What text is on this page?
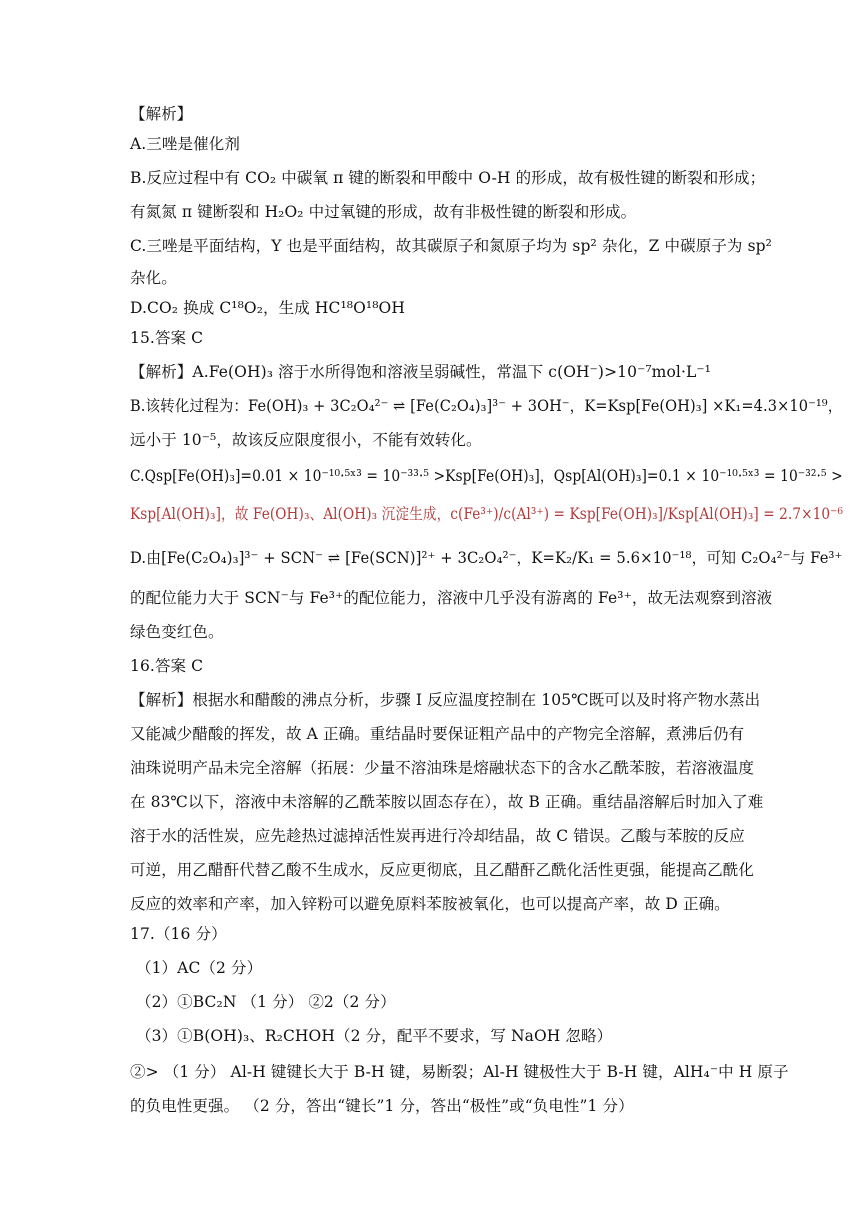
【解析】
A.三唑是催化剂
B.反应过程中有 CO₂ 中碳氧 π 键的断裂和甲酸中 O-H 的形成，故有极性键的断裂和形成；
有氮氮 π 键断裂和 H₂O₂ 中过氧键的形成，故有非极性键的断裂和形成。
C.三唑是平面结构，Y 也是平面结构，故其碳原子和氮原子均为 sp² 杂化，Z 中碳原子为 sp²
杂化。
D.CO₂ 换成 C¹⁸O₂，生成 HC¹⁸O¹⁸OH
15.答案 C
【解析】A.Fe(OH)₃ 溶于水所得饱和溶液呈弱碱性，常温下 c(OH⁻)>10⁻⁷mol·L⁻¹
B.该转化过程为：Fe(OH)₃ + 3C₂O₄²⁻ ⇌ [Fe(C₂O₄)₃]³⁻ + 3OH⁻，K=Ksp[Fe(OH)₃] ×K₁=4.3×10⁻¹⁹，
远小于 10⁻⁵，故该反应限度很小，不能有效转化。
C.Qsp[Fe(OH)₃]=0.01 × 10⁻¹⁰·⁵ˣ³ = 10⁻³³·⁵ >Ksp[Fe(OH)₃]，Qsp[Al(OH)₃]=0.1 × 10⁻¹⁰·⁵ˣ³ = 10⁻³²·⁵ >
Ksp[Al(OH)₃]，故 Fe(OH)₃、Al(OH)₃ 沉淀生成，c(Fe³⁺)/c(Al³⁺) = Ksp[Fe(OH)₃]/Ksp[Al(OH)₃] = 2.7×10⁻⁶
D.由[Fe(C₂O₄)₃]³⁻ + SCN⁻ ⇌ [Fe(SCN)]²⁺ + 3C₂O₄²⁻，K=K₂/K₁ = 5.6×10⁻¹⁸，可知 C₂O₄²⁻与 Fe³⁺
的配位能力大于 SCN⁻与 Fe³⁺的配位能力，溶液中几乎没有游离的 Fe³⁺，故无法观察到溶液
绿色变红色。
16.答案 C
【解析】根据水和醋酸的沸点分析，步骤 I 反应温度控制在 105℃既可以及时将产物水蒸出
又能减少醋酸的挥发，故 A 正确。重结晶时要保证粗产品中的产物完全溶解，煮沸后仍有
油珠说明产品未完全溶解（拓展：少量不溶油珠是熔融状态下的含水乙酰苯胺，若溶液温度
在 83℃以下，溶液中未溶解的乙酰苯胺以固态存在），故 B 正确。重结晶溶解后时加入了难
溶于水的活性炭，应先趁热过滤掉活性炭再进行冷却结晶，故 C 错误。乙酸与苯胺的反应
可逆，用乙醋酐代替乙酸不生成水，反应更彻底，且乙醋酐乙酰化活性更强，能提高乙酰化
反应的效率和产率，加入锌粉可以避免原料苯胺被氧化，也可以提高产率，故 D 正确。
17.（16 分）
（1）AC（2 分）
（2）①BC₂N （1 分） ②2（2 分）
（3）①B(OH)₃、R₂CHOH（2 分，配平不要求，写 NaOH 忽略）
②> （1 分） Al-H 键键长大于 B-H 键，易断裂；Al-H 键极性大于 B-H 键，AlH₄⁻中 H 原子
的负电性更强。 （2 分，答出“键长”1 分，答出“极性”或“负电性”1 分）
